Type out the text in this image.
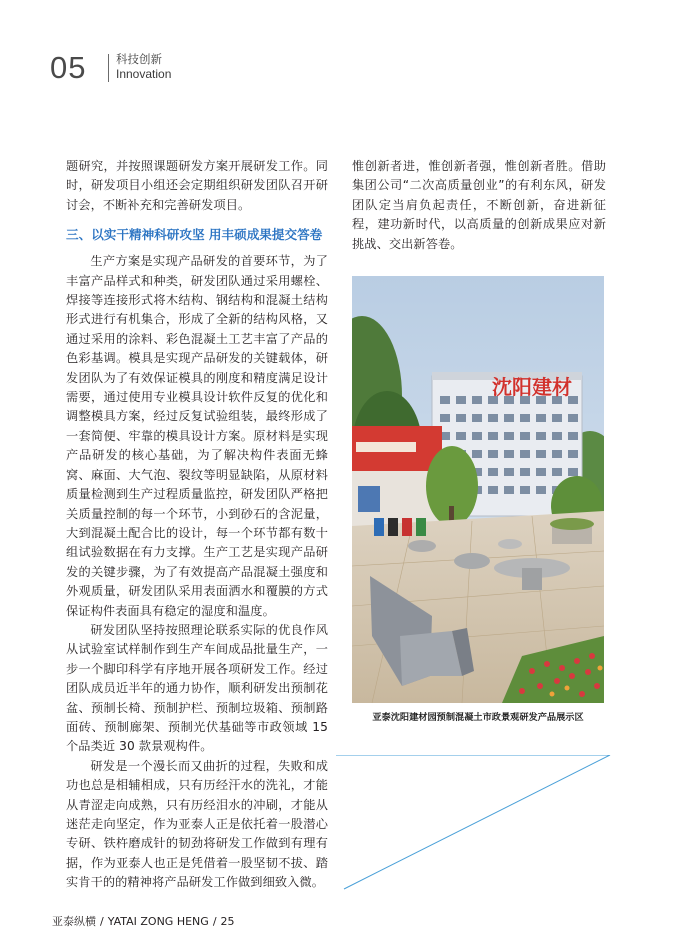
05	科技创新
Innovation

题研究，并按照课题研发方案开展研发工作。同时，研发项目小组还会定期组织研发团队召开研讨会，不断补充和完善研发项目。

三、以实干精神科研攻坚 用丰硕成果提交答卷

生产方案是实现产品研发的首要环节，为了丰富产品样式和种类，研发团队通过采用螺栓、焊接等连接形式将木结构、钢结构和混凝土结构形式进行有机集合，形成了全新的结构风格，又通过采用的涂料、彩色混凝土工艺丰富了产品的色彩基调。模具是实现产品研发的关键载体，研发团队为了有效保证模具的刚度和精度满足设计需要，通过使用专业模具设计软件反复的优化和调整模具方案，经过反复试验组装，最终形成了一套简便、牢靠的模具设计方案。原材料是实现产品研发的核心基础，为了解决构件表面无蜂窝、麻面、大气泡、裂纹等明显缺陷，从原材料质量检测到生产过程质量监控，研发团队严格把关质量控制的每一个环节，小到砂石的含泥量，大到混凝土配合比的设计，每一个环节都有数十组试验数据在有力支撑。生产工艺是实现产品研发的关键步骤，为了有效提高产品混凝土强度和外观质量，研发团队采用表面洒水和覆膜的方式保证构件表面具有稳定的湿度和温度。

研发团队坚持按照理论联系实际的优良作风从试验室试样制作到生产车间成品批量生产，一步一个脚印科学有序地开展各项研发工作。经过团队成员近半年的通力协作，顺利研发出预制花盆、预制长椅、预制护栏、预制垃圾箱、预制路面砖、预制廊架、预制光伏基础等市政领域 15 个品类近 30 款景观构件。

研发是一个漫长而又曲折的过程，失败和成功也总是相辅相成，只有历经汗水的洗礼，才能从青涩走向成熟，只有历经泪水的冲刷，才能从迷茫走向坚定，作为亚泰人正是依托着一股潜心专研、铁杵磨成针的韧劲将研发工作做到有理有据，作为亚泰人也正是凭借着一股坚韧不拔、踏实肯干的的精神将产品研发工作做到细致入微。

惟创新者进，惟创新者强，惟创新者胜。借助集团公司“二次高质量创业”的有利东风，研发团队定当肩负起责任，不断创新，奋进新征程，建功新时代，以高质量的创新成果应对新挑战、交出新答卷。

沈阳建材
亚泰沈阳建材园预制混凝土市政景观研发产品展示区
亚泰纵横 / YATAI ZONG HENG / 25
